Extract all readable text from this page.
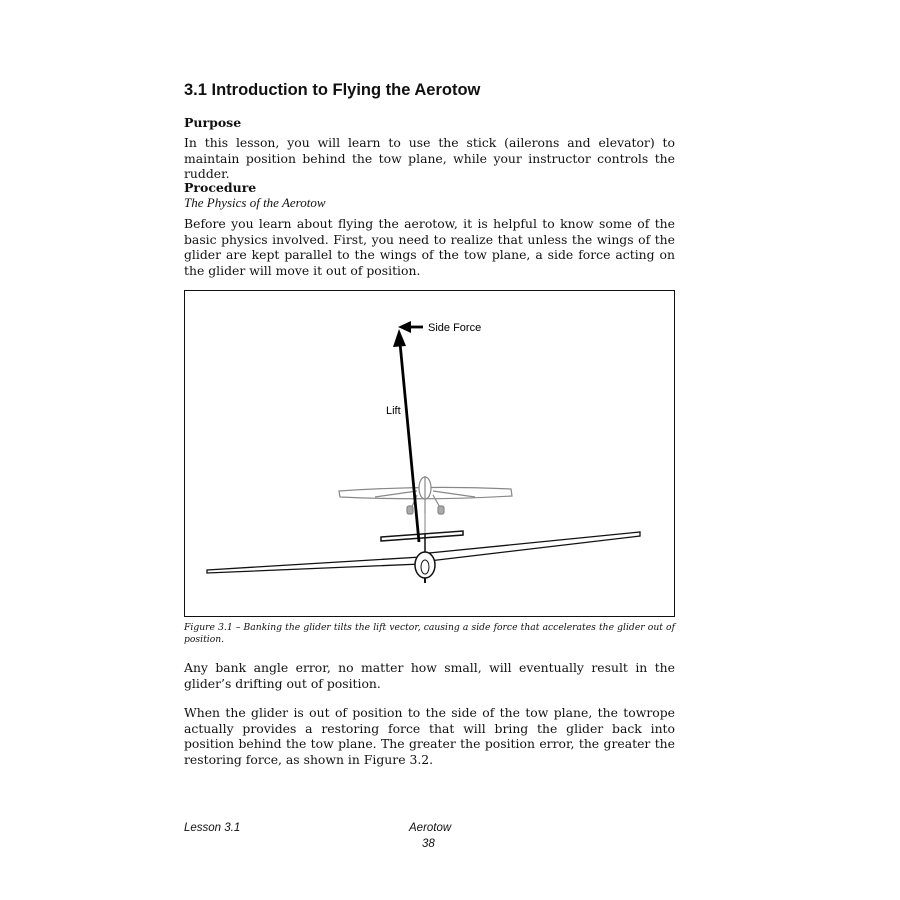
3.1 Introduction to Flying the Aerotow
Purpose

In this lesson, you will learn to use the stick (ailerons and elevator) to maintain position behind the tow plane, while your instructor controls the rudder.

Procedure
The Physics of the Aerotow

Before you learn about flying the aerotow, it is helpful to know some of the basic physics involved. First, you need to realize that unless the wings of the glider are kept parallel to the wings of the tow plane, a side force acting on the glider will move it out of position.

Side Force
Lift

Figure 3.1 – Banking the glider tilts the lift vector, causing a side force that accelerates the glider out of position.

Any bank angle error, no matter how small, will eventually result in the glider’s drifting out of position.

When the glider is out of position to the side of the tow plane, the towrope actually provides a restoring force that will bring the glider back into position behind the tow plane. The greater the position error, the greater the restoring force, as shown in Figure 3.2.

Lesson 3.1	Aerotow
38
